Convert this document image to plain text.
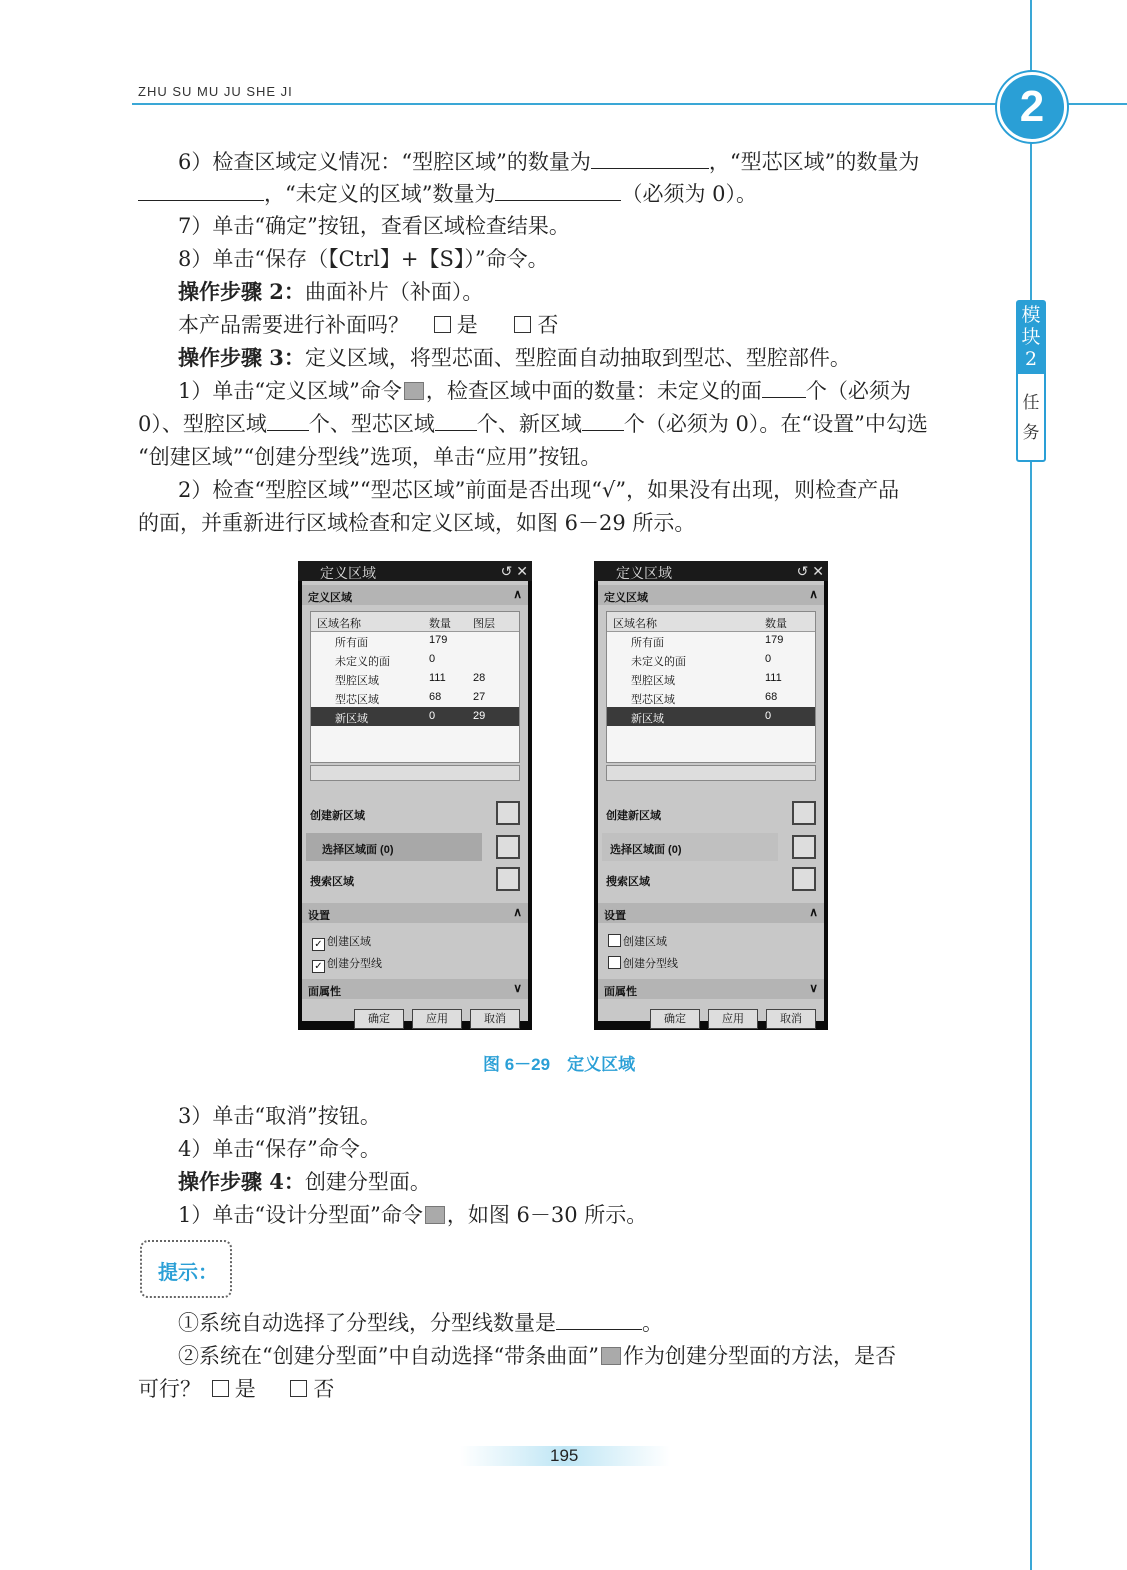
ZHU SU MU JU SHE JI	2
模
块
2
任
务
6）检查区域定义情况：“型腔区域”的数量为	，“型芯区域”的数量为
，“未定义的区域”数量为	（必须为 0）。
7）单击“确定”按钮，查看区域检查结果。
8）单击“保存（【Ctrl】+【S】）”命令。
操作步骤 2：曲面补片（补面）。
本产品需要进行补面吗？ 是	否
操作步骤 3：定义区域，将型芯面、型腔面自动抽取到型芯、型腔部件。
1）单击“定义区域”命令 ，检查区域中面的数量：未定义的面 个（必须为
0）、型腔区域 个、型芯区域 个、新区域 个（必须为 0）。在“设置”中勾选
“创建区域”“创建分型线”选项，单击“应用”按钮。
2）检查“型腔区域”“型芯区域”前面是否出现“√”，如果没有出现，则检查产品
的面，并重新进行区域检查和定义区域，如图 6－29 所示。
定义区域	↺ ✕
定义区域	∧
区域名称	数量 图层
所有面	179
未定义的面	0
型腔区域	111 28
型芯区域	68	27
新区域	0	29
创建新区域
选择区域面 (0)
搜索区域
设置	∧
✓ 创建区域
✓ 创建分型线
面属性	∨
确定	应用	取消
定义区域	↺ ✕
定义区域	∧
区域名称	数量
所有面	179
未定义的面	0
型腔区域	111
型芯区域	68
新区域	0
创建新区域
选择区域面 (0)
搜索区域
设置	∧
创建区域
创建分型线
面属性	∨
确定	应用	取消
图 6－29　定义区域
3）单击“取消”按钮。
4）单击“保存”命令。
操作步骤 4：创建分型面。
1）单击“设计分型面”命令 ，如图 6－30 所示。
提示：
①系统自动选择了分型线，分型线数量是	。
②系统在“创建分型面”中自动选择“带条曲面” 作为创建分型面的方法，是否
可行？ 是	否
195
